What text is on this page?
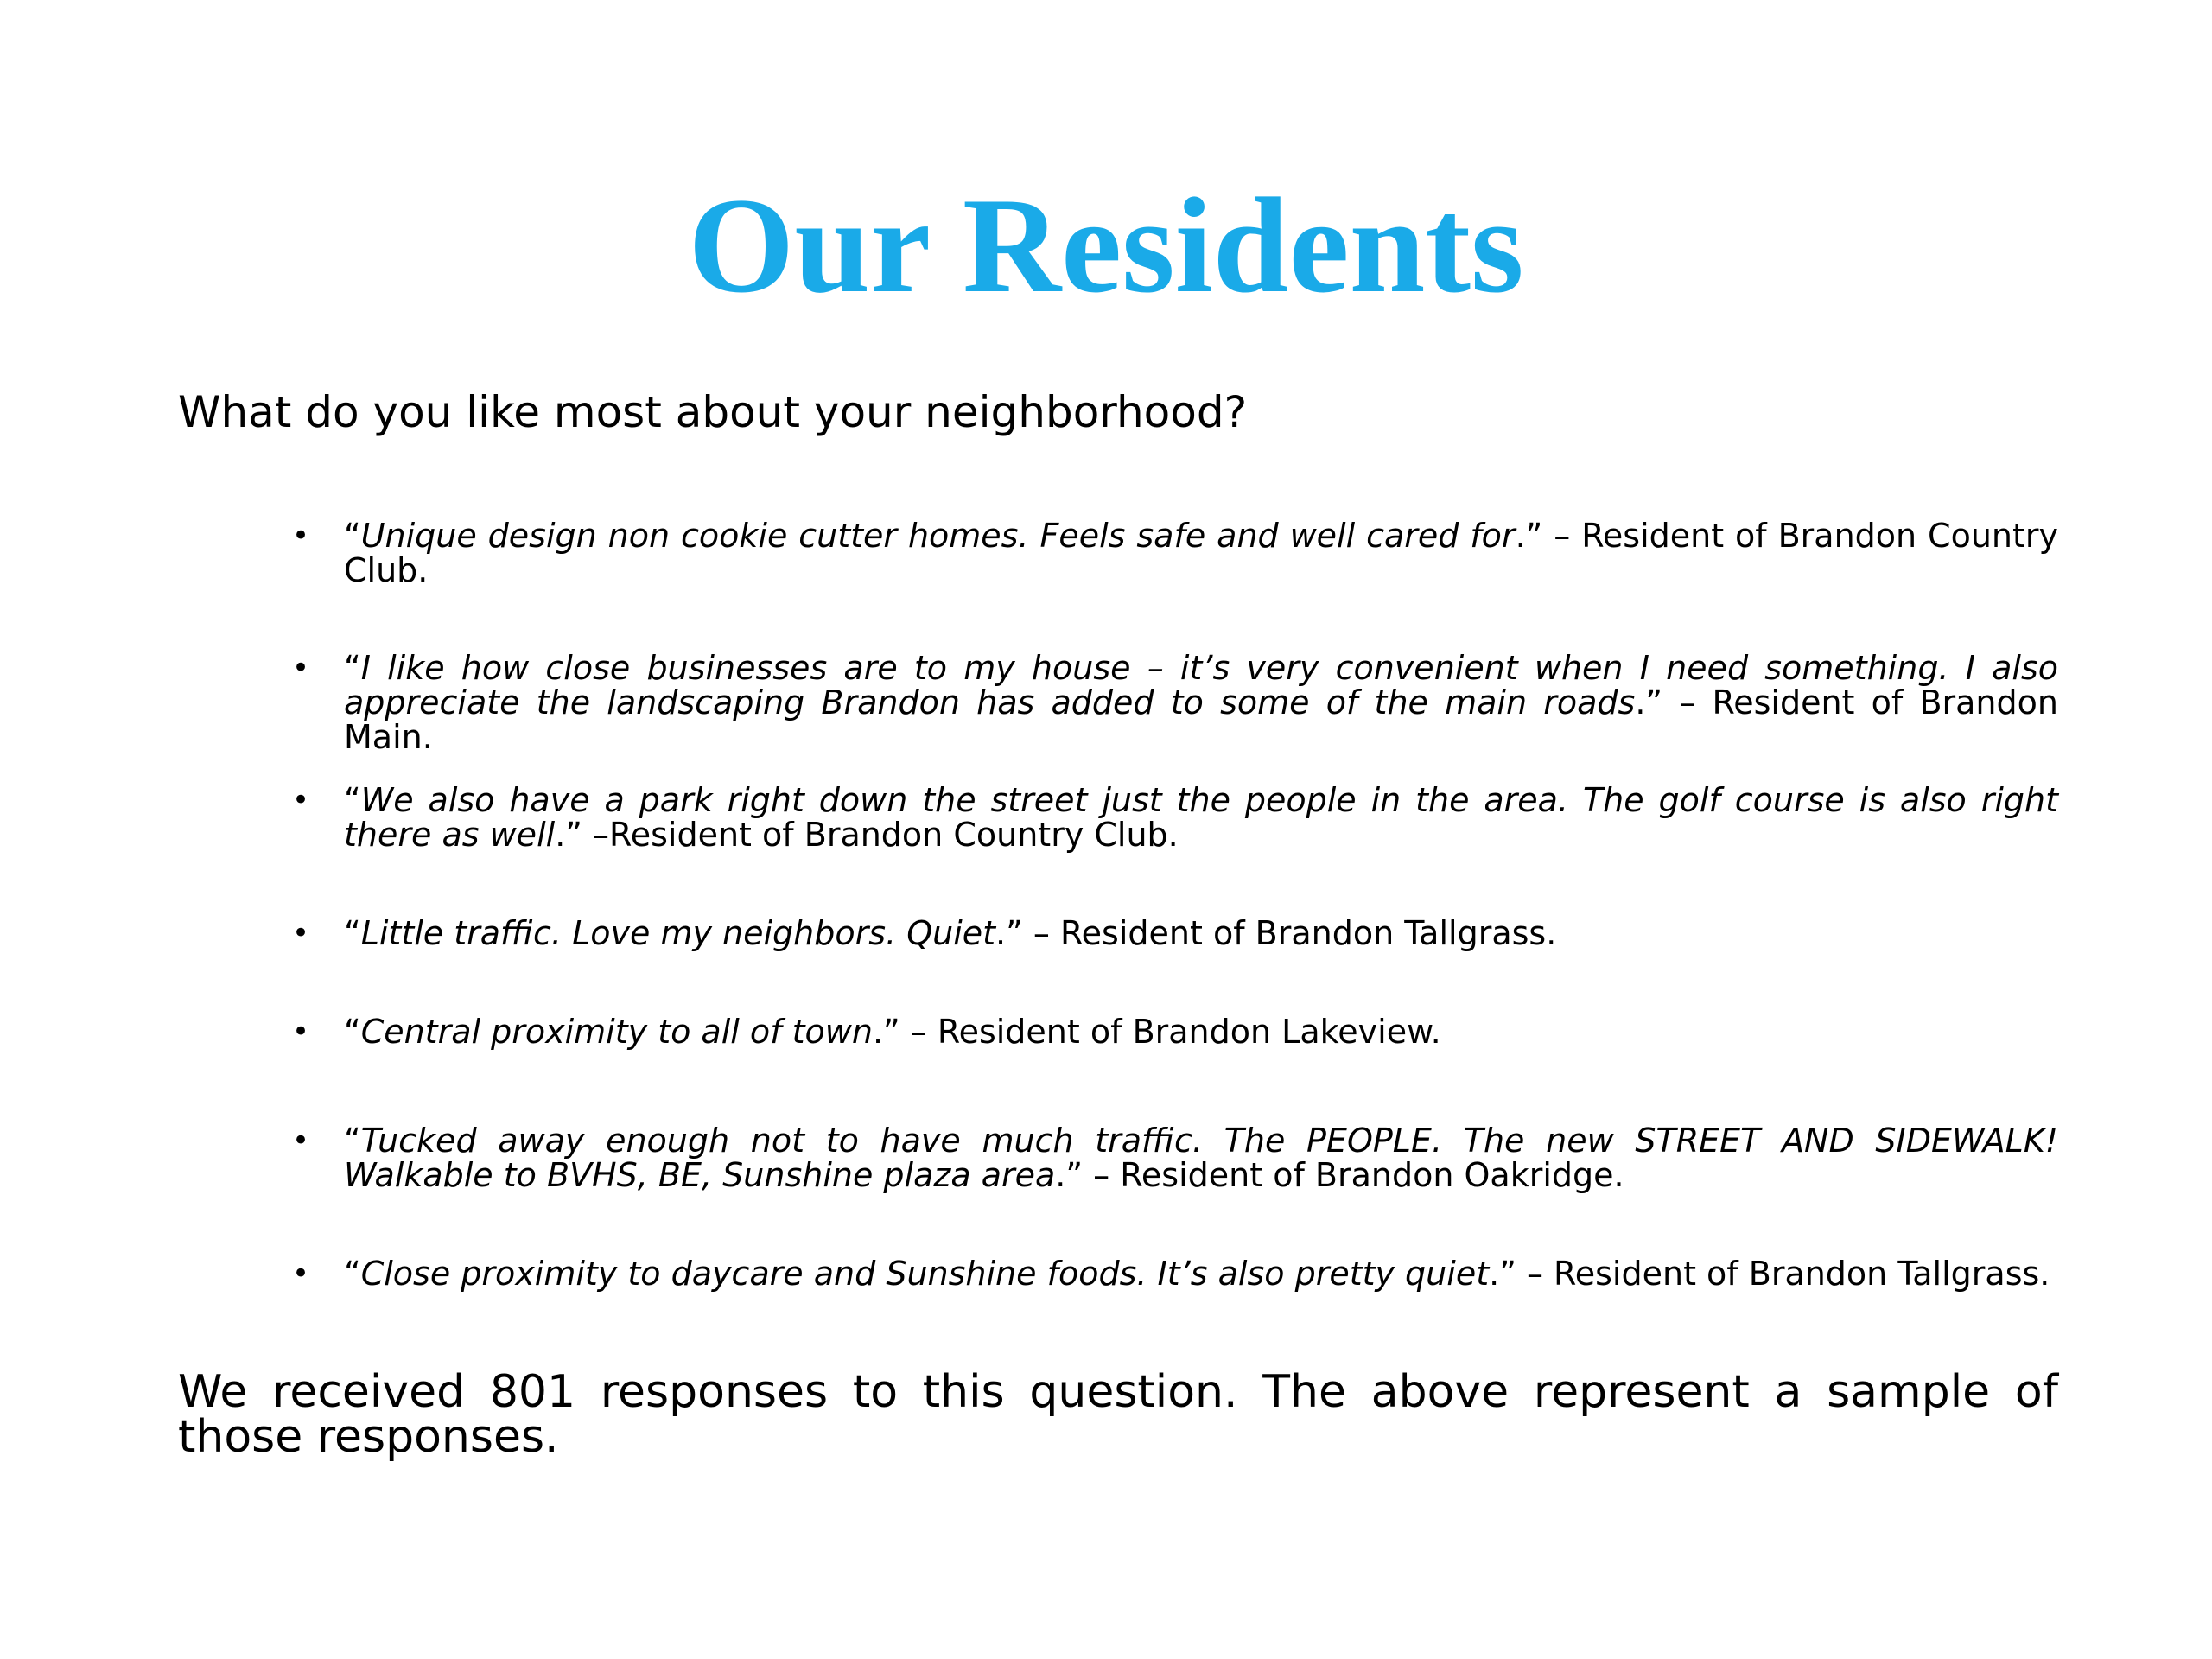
Our Residents

What do you like most about your neighborhood?

• “Unique design non cookie cutter homes. Feels safe and well cared for.” – Resident of Brandon Country Club.
• “I like how close businesses are to my house – it’s very convenient when I need something. I also appreciate the landscaping Brandon has added to some of the main roads.” – Resident of Brandon Main.
• “We also have a park right down the street just the people in the area. The golf course is also right there as well.” –Resident of Brandon Country Club.
• “Little traffic. Love my neighbors. Quiet.” – Resident of Brandon Tallgrass.
• “Central proximity to all of town.” – Resident of Brandon Lakeview.
• “Tucked away enough not to have much traffic. The PEOPLE. The new STREET AND SIDEWALK! Walkable to BVHS, BE, Sunshine plaza area.” – Resident of Brandon Oakridge.
• “Close proximity to daycare and Sunshine foods. It’s also pretty quiet.” – Resident of Brandon Tallgrass.

We received 801 responses to this question. The above represent a sample of those responses.
